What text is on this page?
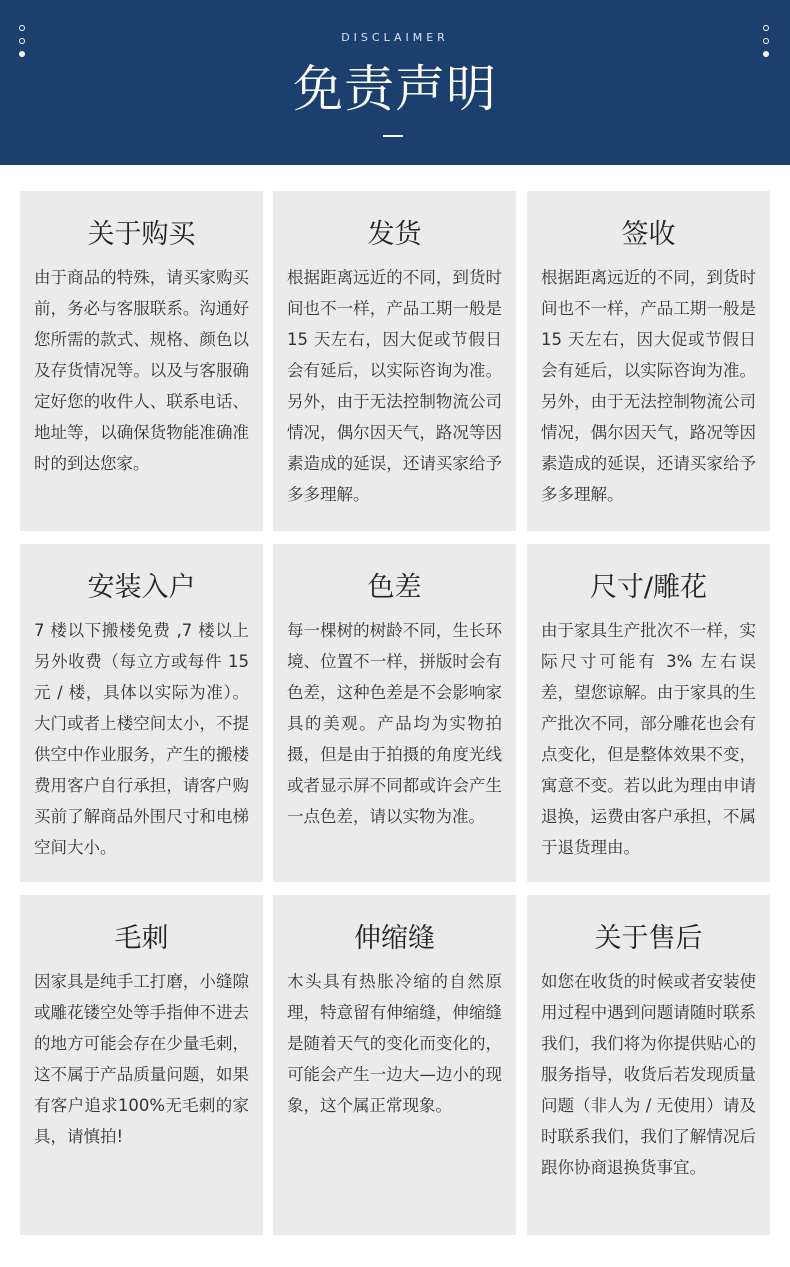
DISCLAIMER
免责声明
关于购买
由于商品的特殊，请买家购买前，务必与客服联系。沟通好您所需的款式、规格、颜色以及存货情况等。以及与客服确定好您的收件人、联系电话、地址等，以确保货物能准确准时的到达您家。
发货
根据距离远近的不同，到货时间也不一样，产品工期一般是 15 天左右，因大促或节假日会有延后，以实际咨询为准。另外，由于无法控制物流公司情况，偶尔因天气，路况等因素造成的延误，还请买家给予多多理解。
签收
根据距离远近的不同，到货时间也不一样，产品工期一般是 15 天左右，因大促或节假日会有延后，以实际咨询为准。另外，由于无法控制物流公司情况，偶尔因天气，路况等因素造成的延误，还请买家给予多多理解。
安装入户
7 楼以下搬楼免费 ,7 楼以上另外收费（每立方或每件 15 元 / 楼，具体以实际为准）。大门或者上楼空间太小，不提供空中作业服务，产生的搬楼费用客户自行承担，请客户购买前了解商品外围尺寸和电梯空间大小。
色差
每一棵树的树龄不同，生长环境、位置不一样，拼版时会有色差，这种色差是不会影响家具的美观。产品均为实物拍摄，但是由于拍摄的角度光线或者显示屏不同都或许会产生一点色差，请以实物为准。
尺寸/雕花
由于家具生产批次不一样，实际尺寸可能有 3% 左右误差，望您谅解。由于家具的生产批次不同，部分雕花也会有点变化，但是整体效果不变，寓意不变。若以此为理由申请退换，运费由客户承担，不属于退货理由。
毛刺
因家具是纯手工打磨，小缝隙或雕花镂空处等手指伸不进去的地方可能会存在少量毛刺，这不属于产品质量问题，如果有客户追求100%无毛刺的家具，请慎拍!
伸缩缝
木头具有热胀冷缩的自然原理，特意留有伸缩缝，伸缩缝是随着天气的变化而变化的，可能会产生一边大—边小的现象，这个属正常现象。
关于售后
如您在收货的时候或者安装使用过程中遇到问题请随时联系我们，我们将为你提供贴心的服务指导，收货后若发现质量问题（非人为 / 无使用）请及时联系我们，我们了解情况后跟你协商退换货事宜。
